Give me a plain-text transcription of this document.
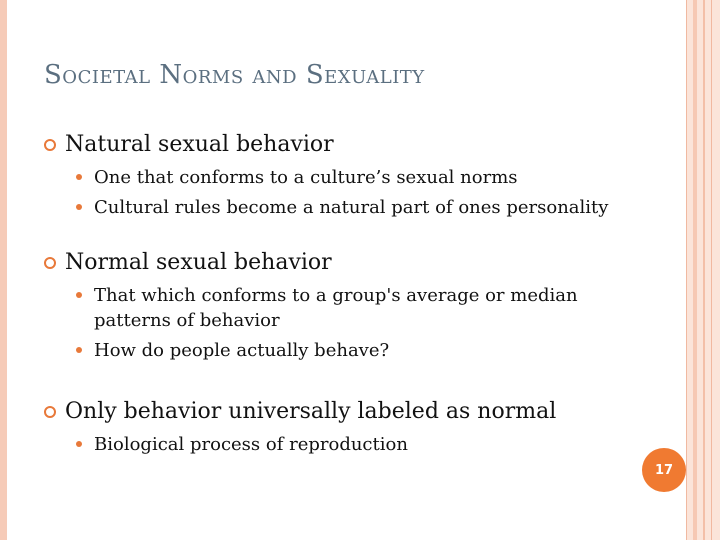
Societal Norms and Sexuality
Natural sexual behavior
One that conforms to a culture’s sexual norms
Cultural rules become a natural part of ones personality
Normal sexual behavior
That which conforms to a group's average or median patterns of behavior
How do people actually behave?
Only behavior universally labeled as normal
Biological process of reproduction
17
